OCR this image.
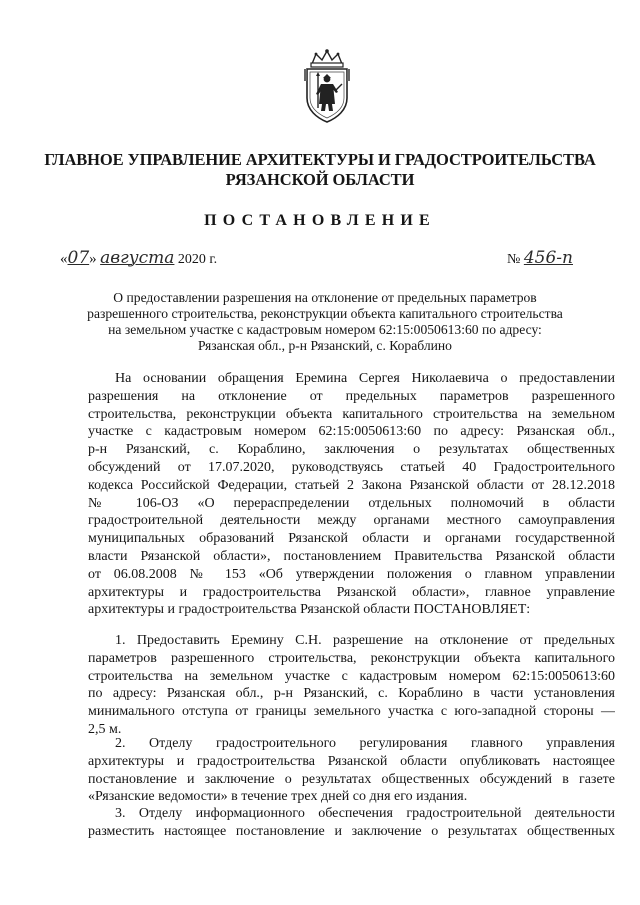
ГЛАВНОЕ УПРАВЛЕНИЕ АРХИТЕКТУРЫ И ГРАДОСТРОИТЕЛЬСТВА
РЯЗАНСКОЙ ОБЛАСТИ
ПОСТАНОВЛЕНИЕ
«07» августа 2020 г.	№ 456-п
О предоставлении разрешения на отклонение от предельных параметров
разрешенного строительства, реконструкции объекта капитального строительства
на земельном участке с кадастровым номером 62:15:0050613:60 по адресу:
Рязанская обл., р-н Рязанский, с. Кораблино
На основании обращения Еремина Сергея Николаевича о предоставлении
разрешения на отклонение от предельных параметров разрешенного
строительства, реконструкции объекта капитального строительства на земельном
участке с кадастровым номером 62:15:0050613:60 по адресу: Рязанская обл.,
р-н Рязанский, с. Кораблино, заключения о результатах общественных
обсуждений от 17.07.2020, руководствуясь статьей 40 Градостроительного
кодекса Российской Федерации, статьей 2 Закона Рязанской области от 28.12.2018
№ 106-ОЗ «О перераспределении отдельных полномочий в области
градостроительной деятельности между органами местного самоуправления
муниципальных образований Рязанской области и органами государственной
власти Рязанской области», постановлением Правительства Рязанской области
от 06.08.2008 № 153 «Об утверждении положения о главном управлении
архитектуры и градостроительства Рязанской области», главное управление
архитектуры и градостроительства Рязанской области ПОСТАНОВЛЯЕТ:
1. Предоставить Еремину С.Н. разрешение на отклонение от предельных
параметров разрешенного строительства, реконструкции объекта капитального
строительства на земельном участке с кадастровым номером 62:15:0050613:60
по адресу: Рязанская обл., р-н Рязанский, с. Кораблино в части установления
минимального отступа от границы земельного участка с юго-западной стороны —
2,5 м.
2. Отделу градостроительного регулирования главного управления
архитектуры и градостроительства Рязанской области опубликовать настоящее
постановление и заключение о результатах общественных обсуждений в газете
«Рязанские ведомости» в течение трех дней со дня его издания.
3. Отделу информационного обеспечения градостроительной деятельности
разместить настоящее постановление и заключение о результатах общественных
